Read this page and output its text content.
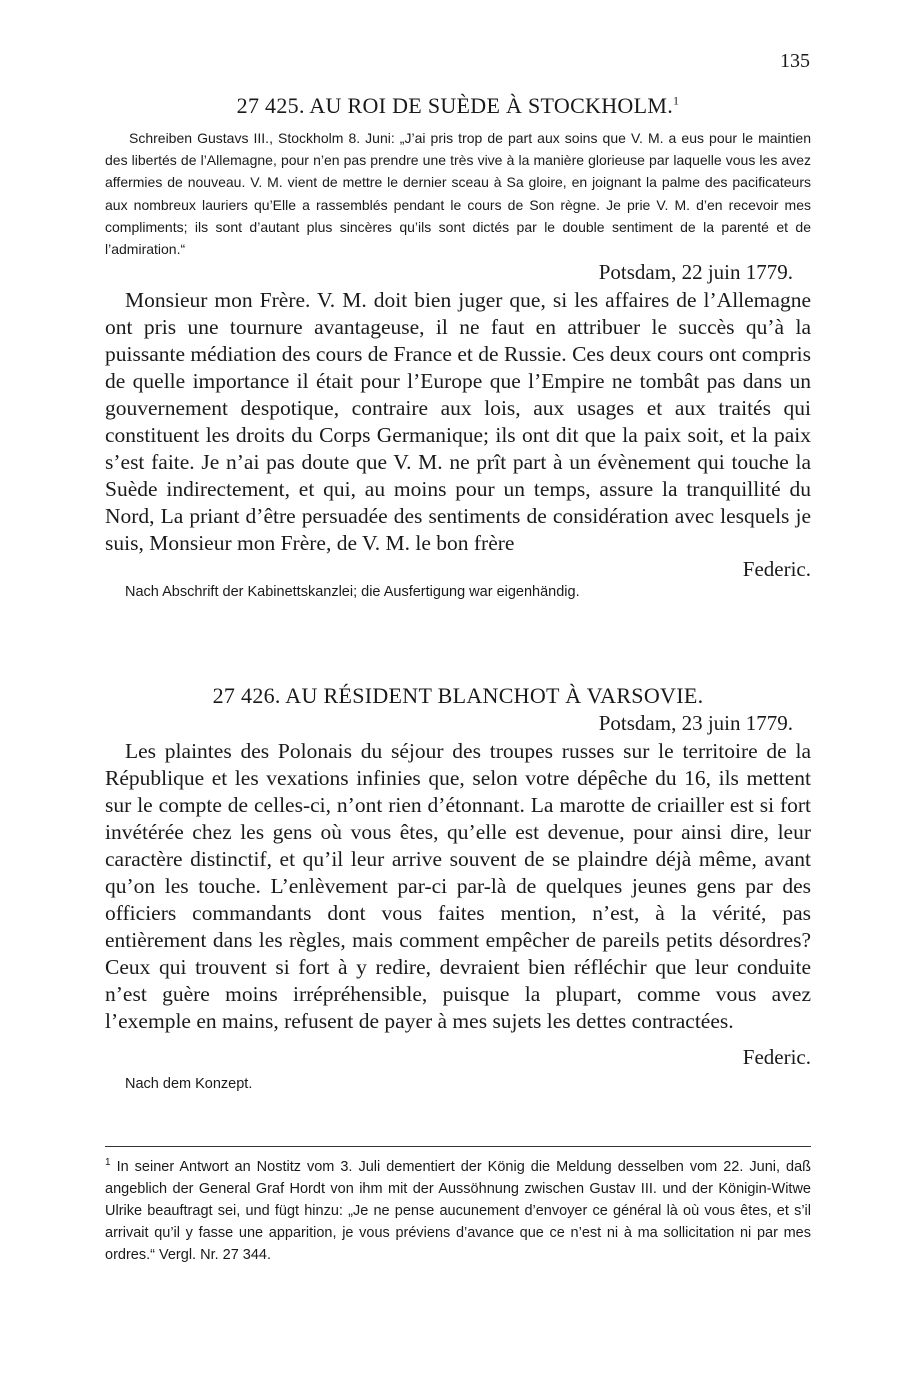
135

27 425. AU ROI DE SUÈDE À STOCKHOLM.$^1$

Schreiben Gustavs III., Stockholm 8. Juni: „J’ai pris trop de part aux soins que V. M. a eus pour le maintien des libertés de l’Allemagne, pour n’en pas prendre une très vive à la manière glorieuse par laquelle vous les avez affermies de nouveau. V. M. vient de mettre le dernier sceau à Sa gloire, en joignant la palme des pacificateurs aux nombreux lauriers qu’Elle a rassemblés pendant le cours de Son règne. Je prie V. M. d’en recevoir mes compliments; ils sont d’autant plus sincères qu’ils sont dictés par le double sentiment de la parenté et de l’admiration.“

Potsdam, 22 juin 1779.

Monsieur mon Frère. V. M. doit bien juger que, si les affaires de l’Allemagne ont pris une tournure avantageuse, il ne faut en attribuer le succès qu’à la puissante médiation des cours de France et de Russie. Ces deux cours ont compris de quelle importance il était pour l’Europe que l’Empire ne tombât pas dans un gouvernement despotique, contraire aux lois, aux usages et aux traités qui constituent les droits du Corps Germanique; ils ont dit que la paix soit, et la paix s’est faite. Je n’ai pas doute que V. M. ne prît part à un évènement qui touche la Suède indirectement, et qui, au moins pour un temps, assure la tranquillité du Nord, La priant d’être persuadée des sentiments de considération avec lesquels je suis, Monsieur mon Frère, de V. M. le bon frère

Federic.

Nach Abschrift der Kabinettskanzlei; die Ausfertigung war eigenhändig.

27 426. AU RÉSIDENT BLANCHOT À VARSOVIE.

Potsdam, 23 juin 1779.

Les plaintes des Polonais du séjour des troupes russes sur le territoire de la République et les vexations infinies que, selon votre dépêche du 16, ils mettent sur le compte de celles-ci, n’ont rien d’étonnant. La marotte de criailler est si fort invétérée chez les gens où vous êtes, qu’elle est devenue, pour ainsi dire, leur caractère distinctif, et qu’il leur arrive souvent de se plaindre déjà même, avant qu’on les touche. L’enlèvement par-ci par-là de quelques jeunes gens par des officiers commandants dont vous faites mention, n’est, à la vérité, pas entièrement dans les règles, mais comment empêcher de pareils petits désordres? Ceux qui trouvent si fort à y redire, devraient bien réfléchir que leur conduite n’est guère moins irrépréhensible, puisque la plupart, comme vous avez l’exemple en mains, refusent de payer à mes sujets les dettes contractées.

Federic.

Nach dem Konzept.

$^1$ In seiner Antwort an Nostitz vom 3. Juli dementiert der König die Meldung desselben vom 22. Juni, daß angeblich der General Graf Hordt von ihm mit der Aussöhnung zwischen Gustav III. und der Königin-Witwe Ulrike beauftragt sei, und fügt hinzu: „Je ne pense aucunement d’envoyer ce général là où vous êtes, et s’il arrivait qu’il y fasse une apparition, je vous préviens d’avance que ce n’est ni à ma sollicitation ni par mes ordres.“ Vergl. Nr. 27 344.
